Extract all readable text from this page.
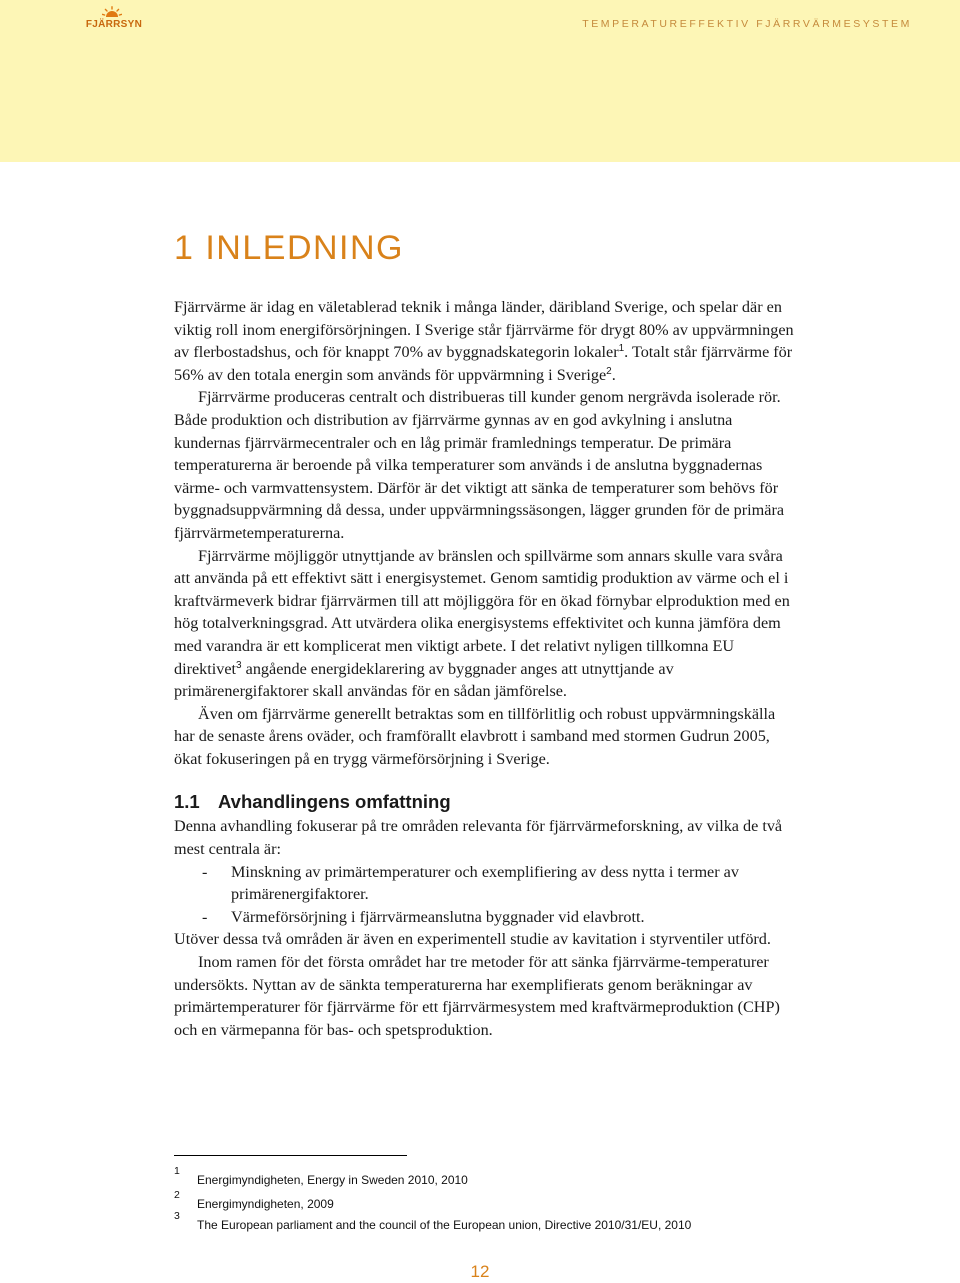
FJÄRRSYN	TEMPERATUREFFEKTIV FJÄRRVÄRMESYSTEM
1 INLEDNING

Fjärrvärme är idag en väletablerad teknik i många länder, däribland Sverige, och spelar där en viktig roll inom energiförsörjningen. I Sverige står fjärrvärme för drygt 80% av uppvärmningen av flerbostadshus, och för knappt 70% av byggnadskategorin lokaler$^1$. Totalt står fjärrvärme för 56% av den totala energin som används för uppvärmning i Sverige$^2$.

Fjärrvärme produceras centralt och distribueras till kunder genom nergrävda isolerade rör. Både produktion och distribution av fjärrvärme gynnas av en god avkylning i anslutna kundernas fjärrvärmecentraler och en låg primär framlednings temperatur. De primära temperaturerna är beroende på vilka temperaturer som används i de anslutna byggnadernas värme- och varmvattensystem. Därför är det viktigt att sänka de temperaturer som behövs för byggnadsuppvärmning då dessa, under uppvärmningssäsongen, lägger grunden för de primära fjärrvärmetemperaturerna.

Fjärrvärme möjliggör utnyttjande av bränslen och spillvärme som annars skulle vara svåra att använda på ett effektivt sätt i energisystemet. Genom samtidig produktion av värme och el i kraftvärmeverk bidrar fjärrvärmen till att möjliggöra för en ökad förnybar elproduktion med en hög totalverkningsgrad. Att utvärdera olika energisystems effektivitet och kunna jämföra dem med varandra är ett komplicerat men viktigt arbete. I det relativt nyligen tillkomna EU direktivet$^3$ angående energideklarering av byggnader anges att utnyttjande av primärenergifaktorer skall användas för en sådan jämförelse.

Även om fjärrvärme generellt betraktas som en tillförlitlig och robust uppvärmningskälla har de senaste årens oväder, och framförallt elavbrott i samband med stormen Gudrun 2005, ökat fokuseringen på en trygg värmeförsörjning i Sverige.

1.1 Avhandlingens omfattning

Denna avhandling fokuserar på tre områden relevanta för fjärrvärmeforskning, av vilka de två mest centrala är:

- Minskning av primärtemperaturer och exemplifiering av dess nytta i termer av primärenergifaktorer.
- Värmeförsörjning i fjärrvärmeanslutna byggnader vid elavbrott.

Utöver dessa två områden är även en experimentell studie av kavitation i styrventiler utförd.

Inom ramen för det första området har tre metoder för att sänka fjärrvärme-temperaturer undersökts. Nyttan av de sänkta temperaturerna har exemplifierats genom beräkningar av primärtemperaturer för fjärrvärme för ett fjärrvärmesystem med kraftvärmeproduktion (CHP) och en värmepanna för bas- och spetsproduktion.

1
Energimyndigheten, Energy in Sweden 2010, 2010
2
Energimyndigheten, 2009
3
The European parliament and the council of the European union, Directive 2010/31/EU, 2010
12
